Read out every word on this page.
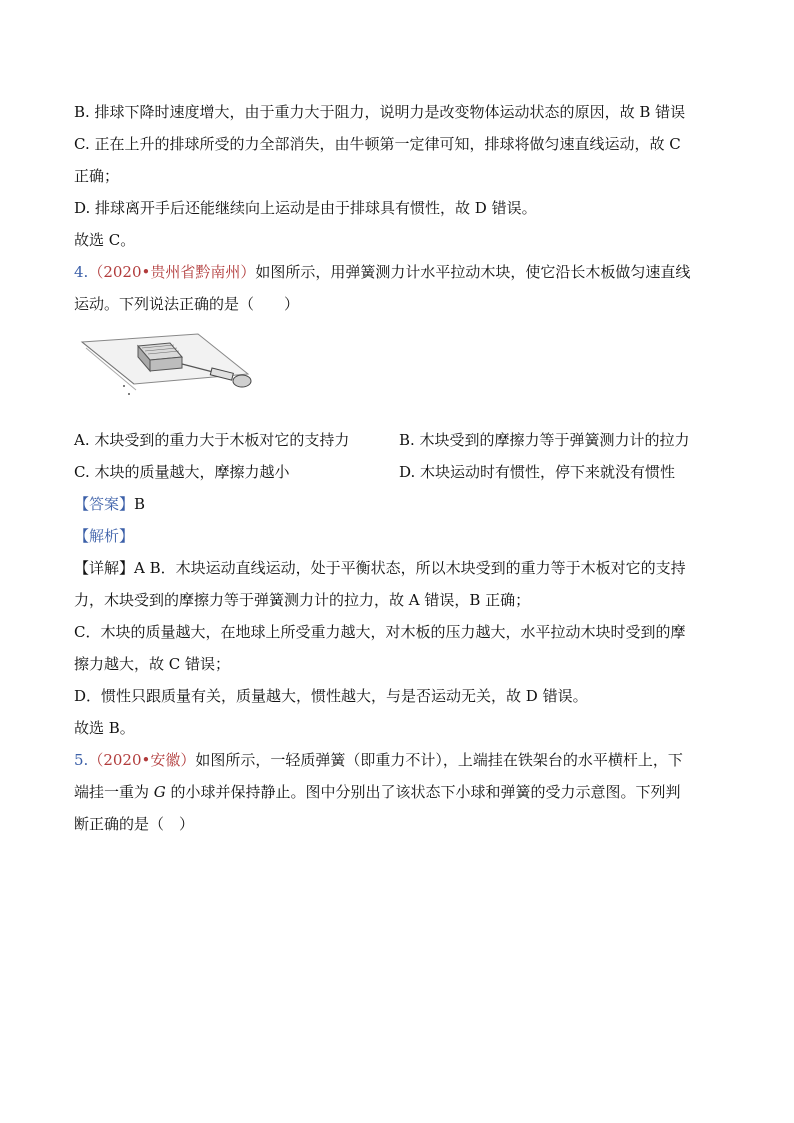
B. 排球下降时速度增大，由于重力大于阻力，说明力是改变物体运动状态的原因，故 B 错误
C. 正在上升的排球所受的力全部消失，由牛顿第一定律可知，排球将做匀速直线运动，故 C
正确；
D. 排球离开手后还能继续向上运动是由于排球具有惯性，故 D 错误。
故选 C。
4.（2020•贵州省黔南州）如图所示，用弹簧测力计水平拉动木块，使它沿长木板做匀速直线
运动。下列说法正确的是（　　）
A. 木块受到的重力大于木板对它的支持力	B. 木块受到的摩擦力等于弹簧测力计的拉力
C. 木块的质量越大，摩擦力越小	D. 木块运动时有惯性，停下来就没有惯性
【答案】B
【解析】
【详解】A B．木块运动直线运动，处于平衡状态，所以木块受到的重力等于木板对它的支持
力，木块受到的摩擦力等于弹簧测力计的拉力，故 A 错误，B 正确；
C．木块的质量越大，在地球上所受重力越大，对木板的压力越大，水平拉动木块时受到的摩
擦力越大，故 C 错误；
D．惯性只跟质量有关，质量越大，惯性越大，与是否运动无关，故 D 错误。
故选 B。
5.（2020•安徽）如图所示，一轻质弹簧（即重力不计），上端挂在铁架台的水平横杆上，下
端挂一重为 G 的小球并保持静止。图中分别出了该状态下小球和弹簧的受力示意图。下列判
断正确的是（　）
